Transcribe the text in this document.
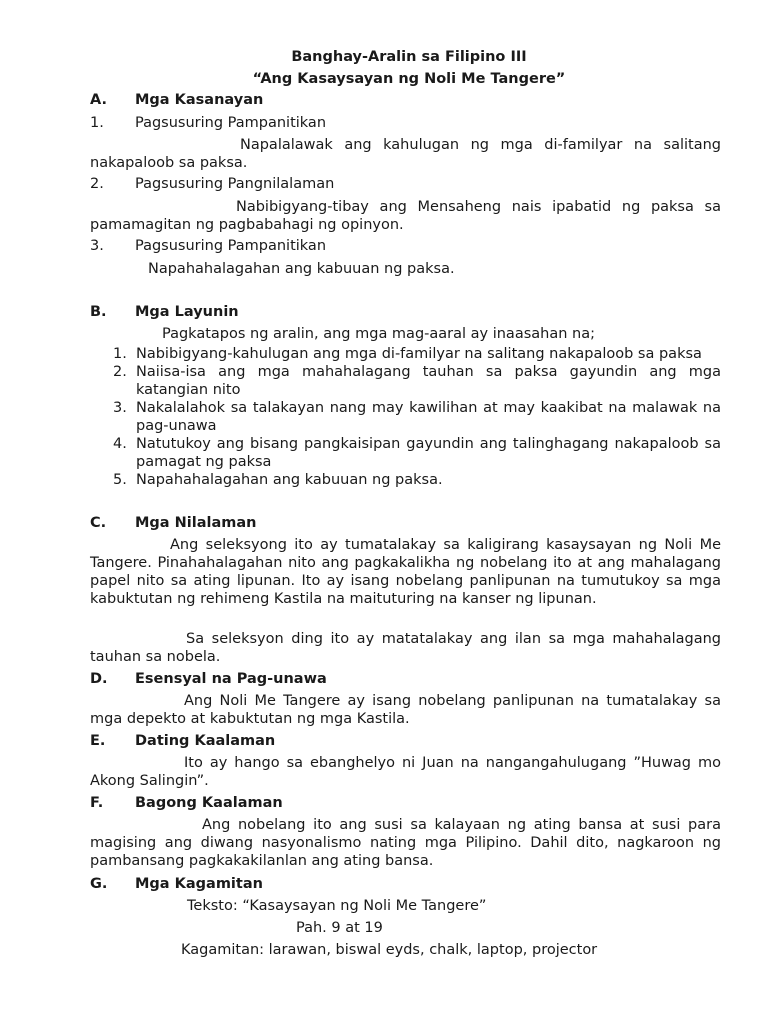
Banghay-Aralin sa Filipino III
“Ang Kasaysayan ng Noli Me Tangere”
A. Mga Kasanayan
1. Pagsusuring Pampanitikan
Napalalawak ang kahulugan ng mga di-familyar na salitang nakapaloob sa paksa.
2. Pagsusuring Pangnilalaman
Nabibigyang-tibay ang Mensaheng nais ipabatid ng paksa sa pamamagitan ng pagbabahagi ng opinyon.
3. Pagsusuring Pampanitikan
Napahahalagahan ang kabuuan ng paksa.
B. Mga Layunin
Pagkatapos ng aralin, ang mga mag-aaral ay inaasahan na;
1. Nabibigyang-kahulugan ang mga di-familyar na salitang nakapaloob sa paksa
2. Naiisa-isa ang mga mahahalagang tauhan sa paksa gayundin ang mga katangian nito
3. Nakalalahok sa talakayan nang may kawilihan at may kaakibat na malawak na pag-unawa
4. Natutukoy ang bisang pangkaisipan gayundin ang talinghagang nakapaloob sa pamagat ng paksa
5. Napahahalagahan ang kabuuan ng paksa.
C. Mga Nilalaman
Ang seleksyong ito ay tumatalakay sa kaligirang kasaysayan ng Noli Me Tangere. Pinahahalagahan nito ang pagkakalikha ng nobelang ito at ang mahalagang papel nito sa ating lipunan. Ito ay isang nobelang panlipunan na tumutukoy sa mga kabuktutan ng rehimeng Kastila na maituturing na kanser ng lipunan.
Sa seleksyon ding ito ay matatalakay ang ilan sa mga mahahalagang tauhan sa nobela.
D. Esensyal na Pag-unawa
Ang Noli Me Tangere ay isang nobelang panlipunan na tumatalakay sa mga depekto at kabuktutan ng mga Kastila.
E. Dating Kaalaman
Ito ay hango sa ebanghelyo ni Juan na nangangahulugang ”Huwag mo Akong Salingin”.
F. Bagong Kaalaman
Ang nobelang ito ang susi sa kalayaan ng ating bansa at susi para magising ang diwang nasyonalismo nating mga Pilipino. Dahil dito, nagkaroon ng pambansang pagkakakilanlan ang ating bansa.
G. Mga Kagamitan
Teksto: “Kasaysayan ng Noli Me Tangere”
Pah. 9 at 19
Kagamitan: larawan, biswal eyds, chalk, laptop, projector
